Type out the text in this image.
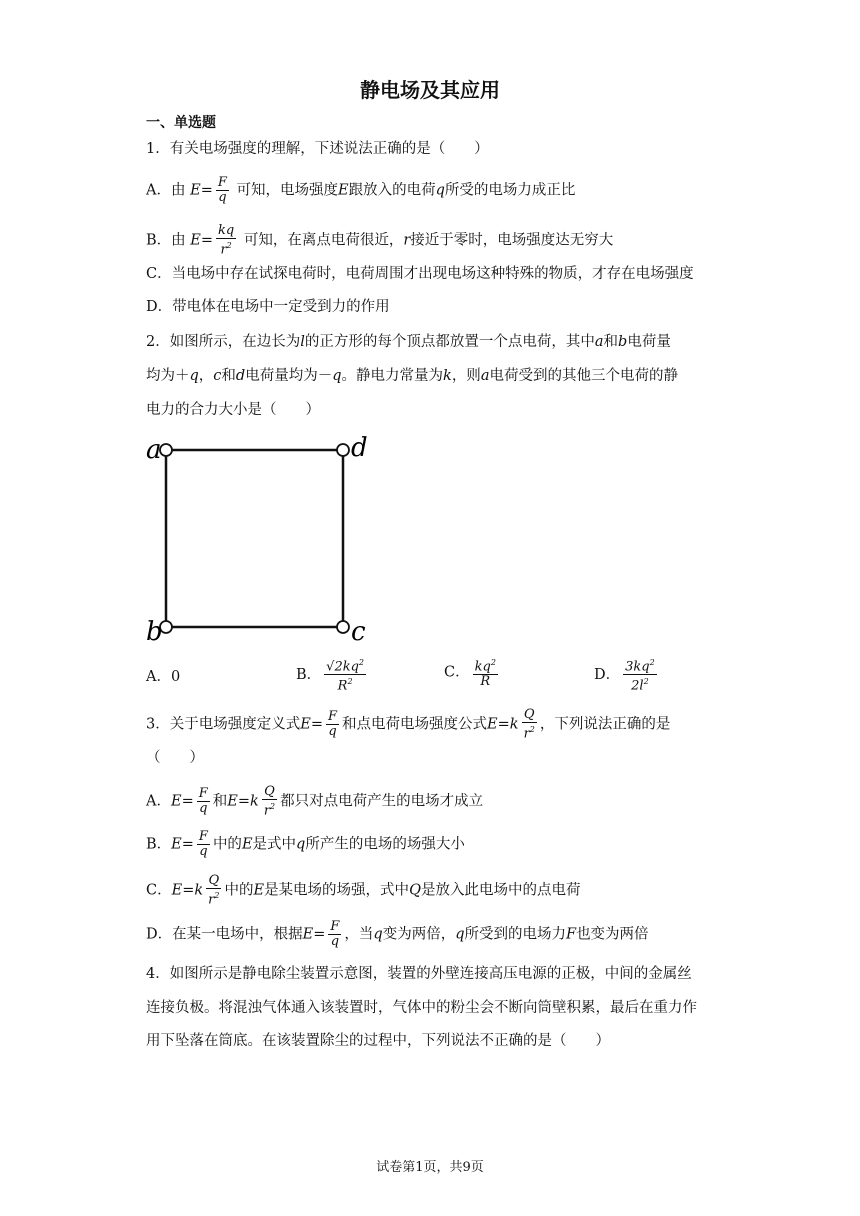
静电场及其应用
一、单选题
1．有关电场强度的理解，下述说法正确的是（　　）
A．由 $E= \frac{F}{q}$ 可知，电场强度E跟放入的电荷q所受的电场力成正比
B．由 $E= \frac{kq}{r^2}$ 可知，在离点电荷很近，r接近于零时，电场强度达无穷大
C．当电场中存在试探电荷时，电荷周围才出现电场这种特殊的物质，才存在电场强度
D．带电体在电场中一定受到力的作用
2．如图所示，在边长为l的正方形的每个顶点都放置一个点电荷，其中a和b电荷量
均为＋q，c和d电荷量均为－q。静电力常量为k，则a电荷受到的其他三个电荷的静
电力的合力大小是（　　）
a
b	c
d
A．0	B． $\frac{√2kq^2}{R^2}$	C． $\frac{kq^2}{R}$	D． $\frac{3kq^2}{2l^2}$
3．关于电场强度定义式$E= \frac{F}{q}$ 和点电荷电场强度公式$E=k \frac{Q}{r^2}$ ，下列说法正确的是
（　　）
A．$E= \frac{F}{q}$ 和$E=k \frac{Q}{r^2}$ 都只对点电荷产生的电场才成立
B．$E= \frac{F}{q}$ 中的E是式中q所产生的电场的场强大小
C．$E=k \frac{Q}{r^2}$ 中的E是某电场的场强，式中Q是放入此电场中的点电荷
D．在某一电场中，根据$E= \frac{F}{q}$ ，当q变为两倍，q所受到的电场力F也变为两倍
4．如图所示是静电除尘装置示意图，装置的外壁连接高压电源的正极，中间的金属丝
连接负极。将混浊气体通入该装置时，气体中的粉尘会不断向筒壁积累，最后在重力作
用下坠落在筒底。在该装置除尘的过程中，下列说法不正确的是（　　）
试卷第1页，共9页
